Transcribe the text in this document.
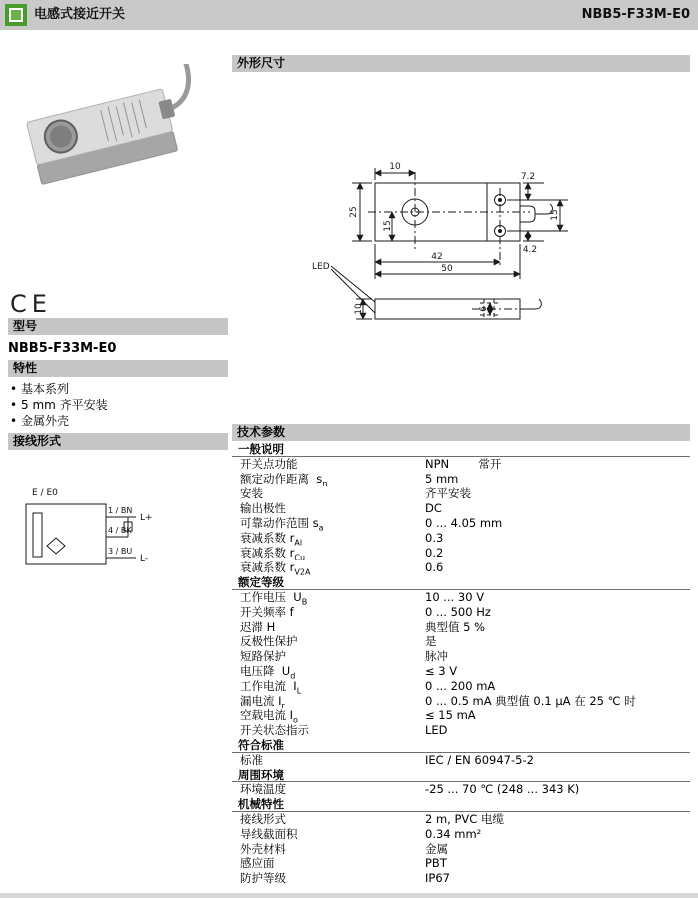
电感式接近开关	NBB5-F33M-E0
CE
型号
NBB5-F33M-E0
特性
• 基本系列
• 5 mm 齐平安装
• 金属外壳
接线形式
E / E0
1 / BN
4 / BK
3 / BU
L+
L-
外形尺寸
10
7.2
25
15
15
4.2
42
50
LED
10	6
技术参数
一般说明
开关点功能	NPN        常开
额定动作距离  $s_n$	5 mm
安装	齐平安装
输出极性	DC
可靠动作范围 $s_a$	0 ... 4.05 mm
衰减系数 $r_{Al}$	0.3
衰减系数 $r_{Cu}$	0.2
衰减系数 $r_{V2A}$	0.6
额定等级
工作电压  $U_B$	10 ... 30 V
开关频率 f	0 ... 500 Hz
迟滞 H	典型值 5 %
反极性保护	是
短路保护	脉冲
电压降  $U_d$	≤ 3 V
工作电流  $I_L$	0 ... 200 mA
漏电流 $I_r$	0 ... 0.5 mA 典型值 0.1 μA 在 25 ℃ 时
空载电流 $I_o$	≤ 15 mA
开关状态指示	LED
符合标准
标准	IEC / EN 60947-5-2
周围环境
环境温度	-25 ... 70 ℃ (248 ... 343 K)
机械特性
接线形式	2 m, PVC 电缆
导线截面积	0.34 mm²
外壳材料	金属
感应面	PBT
防护等级	IP67
